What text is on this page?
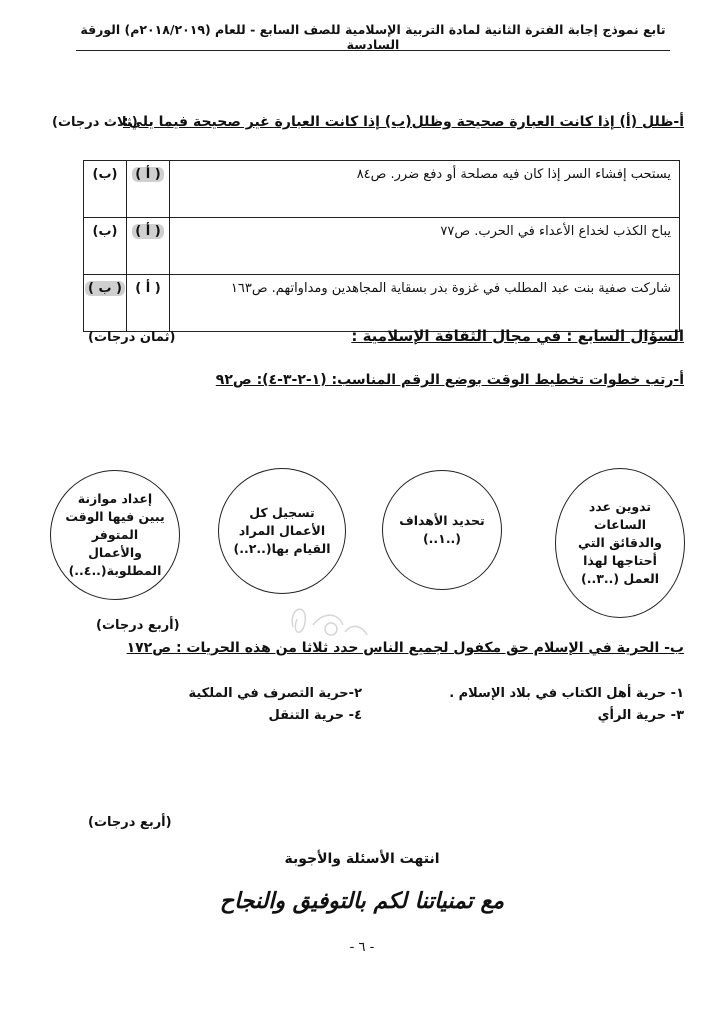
تابع نموذج إجابة الفترة الثانية لمادة التربية الإسلامية للصف السابع - للعام (٢٠١٨/٢٠١٩م) الورقة السادسة
أ-ظلل (أ) إذا كانت العبارة صحيحة وظلل(ب) إذا كانت العبارة غير صحيحة فيما يلي:
(ثلاث درجات)
يستحب إفشاء السر إذا كان فيه مصلحة أو دفع ضرر. ص٨٤	( أ )	(ب)
يباح الكذب لخداع الأعداء في الحرب. ص٧٧	( أ )	(ب)
شاركت صفية بنت عبد المطلب في غزوة بدر بسقاية المجاهدين ومداواتهم. ص١٦٣	( أ )	( ب )
السؤال السابع : في مجال الثقافة الإسلامية :
(ثمان درجات)
أ-رتب خطوات تخطيط الوقت بوضع الرقم المناسب: (١-٢-٣-٤): ص٩٢
تدوين عدد الساعات والدقائق التي أحتاجها لهذا العمل (..٣..)
تحديد الأهداف (..١..)
تسجيل كل الأعمال المراد القيام بها(..٢..)
إعداد موازنة يبين فيها الوقت المتوفر والأعمال المطلوبة(..٤..)
(أربع درجات)
ب- الحرية في الإسلام حق مكفول لجميع الناس حدد ثلاثا من هذه الحريات : ص١٧٢
١- حرية أهل الكتاب في بلاد الإسلام .
٢-حرية التصرف في الملكية
٣- حرية الرأي
٤- حرية التنقل
(أربع درجات)
انتهت الأسئلة والأجوبة
مع تمنياتنا لكم بالتوفيق والنجاح
- ٦ -
